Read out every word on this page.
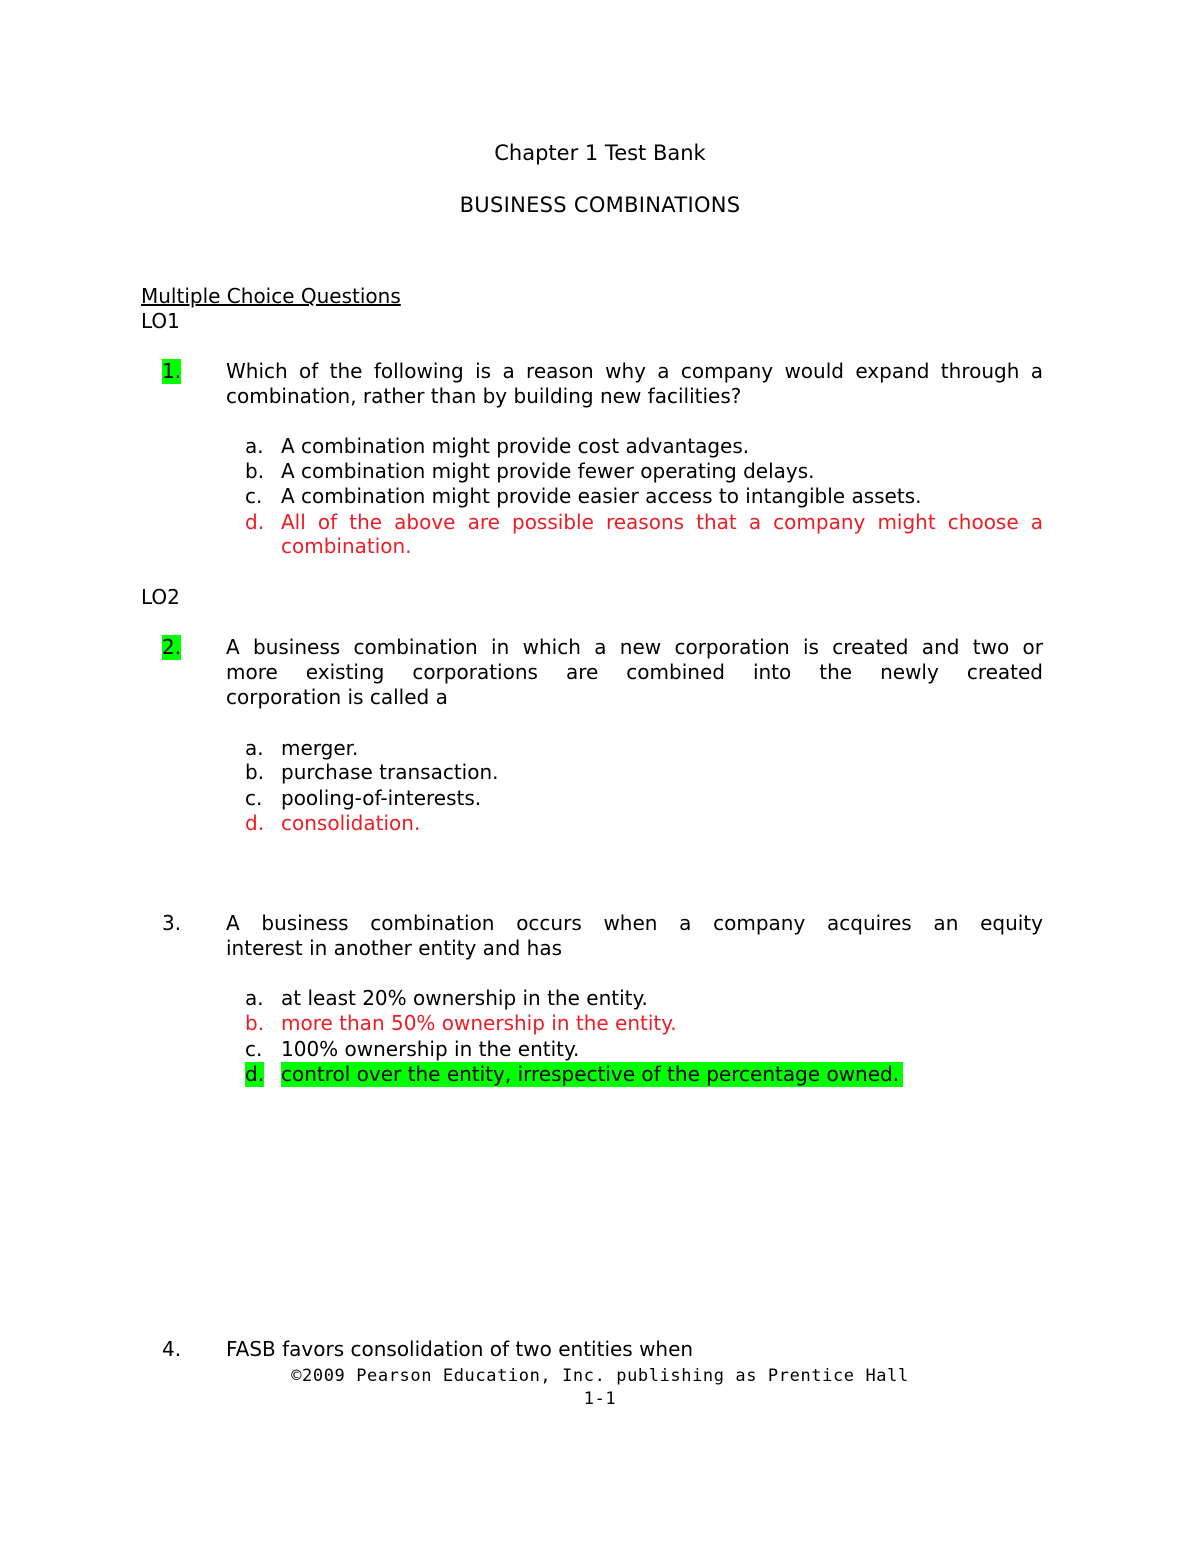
Chapter 1 Test Bank
BUSINESS COMBINATIONS
Multiple Choice Questions
LO1
1. Which of the following is a reason why a company would expand through a
combination, rather than by building new facilities?
a. A combination might provide cost advantages.
b. A combination might provide fewer operating delays.
c. A combination might provide easier access to intangible assets.
d. All of the above are possible reasons that a company might choose a
combination.
LO2
2. A business combination in which a new corporation is created and two or
more existing corporations are combined into the newly created
corporation is called a
a. merger.
b. purchase transaction.
c. pooling-of-interests.
d. consolidation.
3. A business combination occurs when a company acquires an equity
interest in another entity and has
a. at least 20% ownership in the entity.
b. more than 50% ownership in the entity.
c. 100% ownership in the entity.
d. control over the entity, irrespective of the percentage owned.
4. FASB favors consolidation of two entities when
©2009 Pearson Education, Inc. publishing as Prentice Hall
1-1
